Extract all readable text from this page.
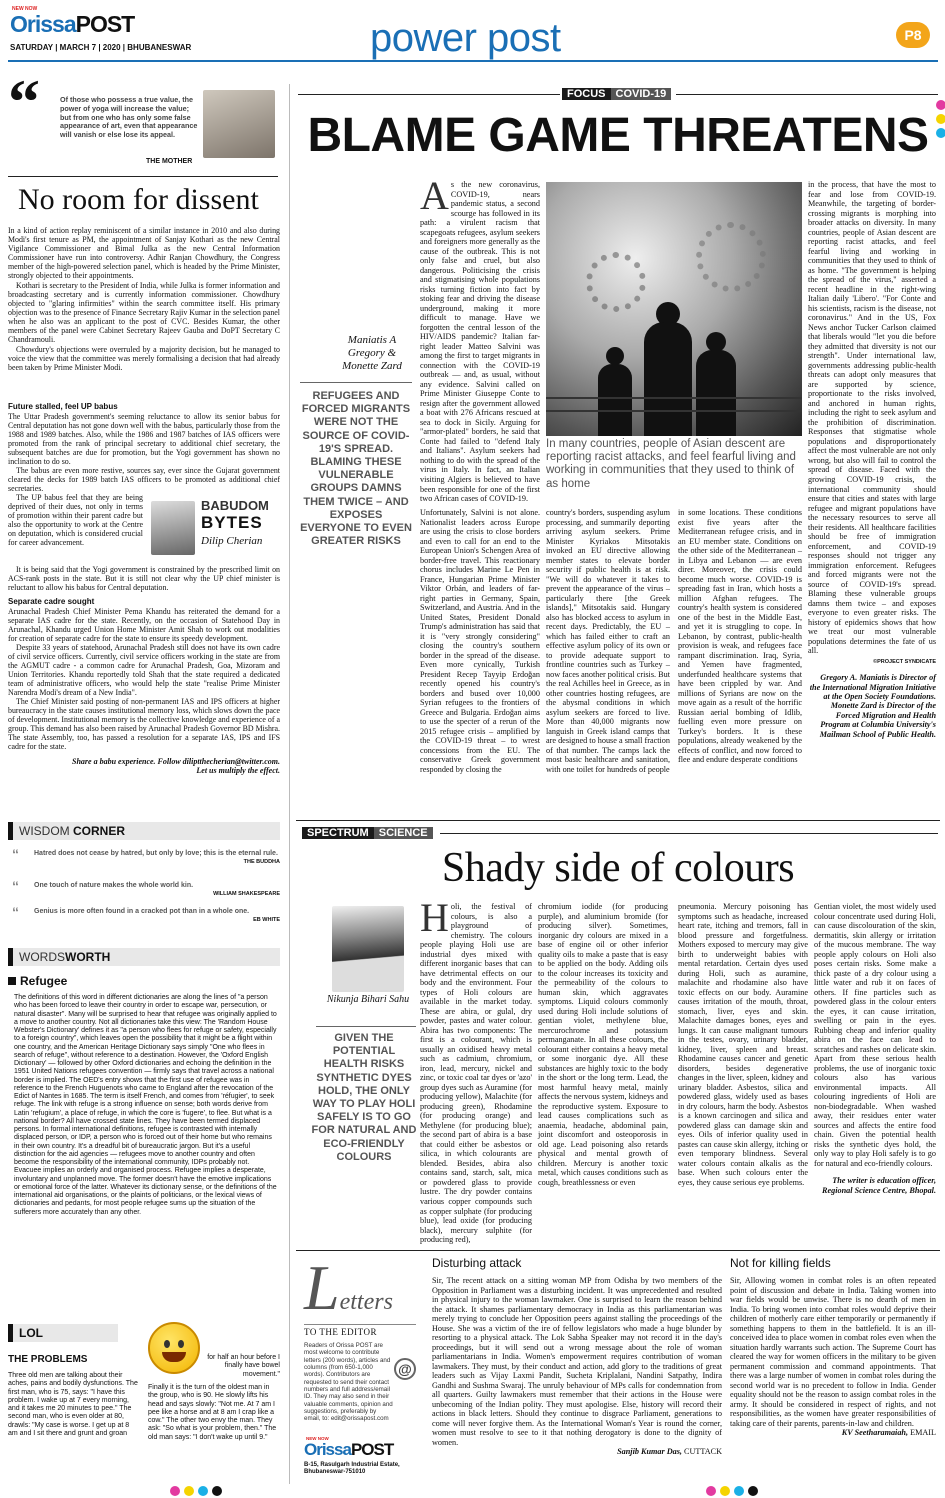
NEW NOW
OrissaPOST
SATURDAY | MARCH 7 | 2020 | BHUBANESWAR	power post	P8
“	Of those who possess a true value, the power of yoga will increase the value; but from one who has only some false appearance of art, even that appearance will vanish or else lose its appeal.
THE MOTHER
No room for dissent

In a kind of action replay reminiscent of a similar instance in 2010 and also during Modi's first tenure as PM, the appointment of Sanjay Kothari as the new Central Vigilance Commissioner and Bimal Julka as the new Central Information Commissioner have run into controversy. Adhir Ranjan Chowdhury, the Congress member of the high-powered selection panel, which is headed by the Prime Minister, strongly objected to their appointments.

Kothari is secretary to the President of India, while Julka is former information and broadcasting secretary and is currently information commissioner. Chowdhury objected to "glaring infirmities" within the search committee itself. His primary objection was to the presence of Finance Secretary Rajiv Kumar in the selection panel when he also was an applicant to the post of CVC. Besides Kumar, the other members of the panel were Cabinet Secretary Rajeev Gauba and DoPT Secretary C Chandramouli.

Chowdury's objections were overruled by a majority decision, but he managed to voice the view that the committee was merely formalising a decision that had already been taken by Prime Minister Modi.

Future stalled, feel UP babus

The Uttar Pradesh government's seeming reluctance to allow its senior babus for Central deputation has not gone down well with the babus, particularly those from the 1988 and 1989 batches. Also, while the 1986 and 1987 batches of IAS officers were promoted from the rank of principal secretary to additional chief secretary, the subsequent batches are due for promotion, but the Yogi government has shown no inclination to do so.

The babus are even more restive, sources say, ever since the Gujarat government cleared the decks for 1989 batch IAS officers to be promoted as additional chief secretaries.

The UP babus feel that they are being deprived of their dues, not only in terms of promotion within their parent cadre but also the opportunity to work at the Centre on deputation, which is considered crucial for career advancement.

BABUDOM
BYTES
Dilip Cherian

It is being said that the Yogi government is constrained by the prescribed limit on ACS-rank posts in the state. But it is still not clear why the UP chief minister is reluctant to allow his babus for Central deputation.

Separate cadre sought

Arunachal Pradesh Chief Minister Pema Khandu has reiterated the demand for a separate IAS cadre for the state. Recently, on the occasion of Statehood Day in Arunachal, Khandu urged Union Home Minister Amit Shah to work out modalities for creation of separate cadre for the state to ensure its speedy development.

Despite 33 years of statehood, Arunachal Pradesh still does not have its own cadre of civil service officers. Currently, civil service officers working in the state are from the AGMUT cadre - a common cadre for Arunachal Pradesh, Goa, Mizoram and Union Territories. Khandu reportedly told Shah that the state required a dedicated team of administrative officers, who would help the state "realise Prime Minister Narendra Modi's dream of a New India".

The Chief Minister said posting of non-permanent IAS and IPS officers at higher bureaucracy in the state causes institutional memory loss, which slows down the pace of development. Institutional memory is the collective knowledge and experience of a group. This demand has also been raised by Arunachal Pradesh Governor BD Mishra. The state Assembly, too, has passed a resolution for a separate IAS, IPS and IFS cadre for the state.

Share a babu experience. Follow diliptthecherian@twitter.com.
Let us multiply the effect.
WISDOM CORNER
“ Hatred does not cease by hatred, but only by love; this is the eternal rule.
THE BUDDHA
“ One touch of nature makes the whole world kin.
WILLIAM SHAKESPEARE
“ Genius is more often found in a cracked pot than in a whole one.
EB WHITE
WORDSWORTH
Refugee
The definitions of this word in different dictionaries are along the lines of "a person who has been forced to leave their country in order to escape war, persecution, or natural disaster". Many will be surprised to hear that refugee was originally applied to a move to another country. Not all dictionaries take this view: The 'Random House Webster's Dictionary' defines it as "a person who flees for refuge or safety, especially to a foreign country", which leaves open the possibility that it might be a flight within one country, and the American Heritage Dictionary says simply "One who flees in search of refuge", without reference to a destination. However, the 'Oxford English Dictionary' — followed by other Oxford dictionaries and echoing the definition in the 1951 United Nations refugees convention — firmly says that travel across a national border is implied. The OED's entry shows that the first use of refugee was in reference to the French Huguenots who came to England after the revocation of the Edict of Nantes in 1685. The term is itself French, and comes from 'réfugier', to seek refuge. The link with refuge is a strong influence on sense; both words derive from Latin 'refugium', a place of refuge, in which the core is 'fugere', to flee. But what is a national border? All have crossed state lines. They have been termed displaced persons. In formal international definitions, refugee is contrasted with internally displaced person, or IDP, a person who is forced out of their home but who remains in their own country. It's a dreadful bit of bureaucratic jargon. But it's a useful distinction for the aid agencies — refugees move to another country and often become the responsibility of the international community, IDPs probably not. Evacuee implies an orderly and organised process. Refugee implies a desperate, involuntary and unplanned move. The former doesn't have the emotive implications or emotional force of the latter. Whatever its dictionary sense, or the definitions of the international aid organisations, or the plaints of politicians, or the lexical views of dictionaries and pedants, for most people refugee sums up the situation of the sufferers more accurately than any other.
LOL
THE PROBLEMS
Three old men are talking about their aches, pains and bodily dysfunctions. The first man, who is 75, says: "I have this problem. I wake up at 7 every morning, and it takes me 20 minutes to pee." The second man, who is even older at 80, drawls: "My case is worse. I get up at 8 am and I sit there and grunt and groan
for half an hour before I finally have bowel movement."
Finally it is the turn of the oldest man in the group, who is 90. He slowly lifts his head and says slowly: "Not me. At 7 am I pee like a horse and at 8 am I crap like a cow." The other two envy the man. They ask: "So what is your problem, then." The old man says: "I don't wake up until 9."
FOCUS COVID-19
BLAME GAME THREATENS
Maniatis A Gregory & Monette Zard
REFUGEES AND FORCED MIGRANTS WERE NOT THE SOURCE OF COVID-19'S SPREAD. BLAMING THESE VULNERABLE GROUPS DAMNS THEM TWICE – AND EXPOSES EVERYONE TO EVEN GREATER RISKS
In many countries, people of Asian descent are reporting racist attacks, and feel fearful living and working in communities that they used to think of as home
A s the new coronavirus, COVID-19, nears pandemic status, a second scourge has followed in its path: a virulent racism that scapegoats refugees, asylum seekers and foreigners more generally as the cause of the outbreak. This is not only false and cruel, but also dangerous. Politicising the crisis and stigmatising whole populations risks turning fiction into fact by stoking fear and driving the disease underground, making it more difficult to manage. Have we forgotten the central lesson of the HIV/AIDS pandemic? Italian far-right leader Matteo Salvini was among the first to target migrants in connection with the COVID-19 outbreak — and, as usual, without any evidence. Salvini called on Prime Minister Giuseppe Conte to resign after the government allowed a boat with 276 Africans rescued at sea to dock in Sicily. Arguing for "armor-plated" borders, he said that Conte had failed to "defend Italy and Italians". Asylum seekers had nothing to do with the spread of the virus in Italy. In fact, an Italian visiting Algiers is believed to have been responsible for one of the first two African cases of COVID-19.

Unfortunately, Salvini is not alone. Nationalist leaders across Europe are using the crisis to close borders and even to call for an end to the European Union's Schengen Area of border-free travel. This reactionary chorus includes Marine Le Pen in France, Hungarian Prime Minister Viktor Orbán, and leaders of far-right parties in Germany, Spain, Switzerland, and Austria. And in the United States, President Donald Trump's administration has said that it is "very strongly considering" closing the country's southern border in the spread of the disease. Even more cynically, Turkish President Recep Tayyip Erdoğan recently opened his country's borders and bused over 10,000 Syrian refugees to the frontiers of Greece and Bulgaria. Erdoğan aims to use the specter of a rerun of the 2015 refugee crisis – amplified by the COVID-19 threat – to wrest concessions from the EU. The conservative Greek government responded by closing the

country's borders, suspending asylum processing, and summarily deporting arriving asylum seekers. Prime Minister Kyriakos Mitsotakis invoked an EU directive allowing member states to elevate border security if public health is at risk. "We will do whatever it takes to prevent the appearance of the virus – particularly there [the Greek islands]," Mitsotakis said. Hungary also has blocked access to asylum in recent days. Predictably, the EU – which has failed either to craft an effective asylum policy of its own or to provide adequate support to frontline countries such as Turkey – now faces another political crisis. But the real Achilles heel in Greece, as in other countries hosting refugees, are the abysmal conditions in which asylum seekers are forced to live. More than 40,000 migrants now languish in Greek island camps that are designed to house a small fraction of that number. The camps lack the most basic healthcare and sanitation, with one toilet for hundreds of people

in some locations. These conditions exist five years after the Mediterranean refugee crisis, and in an EU member state. Conditions on the other side of the Mediterranean – in Libya and Lebanon — are even direr. Moreover, the crisis could become much worse. COVID-19 is spreading fast in Iran, which hosts a million Afghan refugees. The country's health system is considered one of the best in the Middle East, and yet it is struggling to cope. In Lebanon, by contrast, public-health provision is weak, and refugees face rampant discrimination. Iraq, Syria, and Yemen have fragmented, underfunded healthcare systems that have been crippled by war. And millions of Syrians are now on the move again as a result of the horrific Russian aerial bombing of Idlib, fuelling even more pressure on Turkey's borders. It is these populations, already weakened by the effects of conflict, and now forced to flee and endure desperate conditions

in the process, that have the most to fear and lose from COVID-19. Meanwhile, the targeting of border-crossing migrants is morphing into broader attacks on diversity. In many countries, people of Asian descent are reporting racist attacks, and feel fearful living and working in communities that they used to think of as home. "The government is helping the spread of the virus," asserted a recent headline in the right-wing Italian daily 'Libero'. "For Conte and his scientists, racism is the disease, not coronavirus." And in the US, Fox News anchor Tucker Carlson claimed that liberals would "let you die before they admitted that diversity is not our strength". Under international law, governments addressing public-health threats can adopt only measures that are supported by science, proportionate to the risks involved, and anchored in human rights, including the right to seek asylum and the prohibition of discrimination. Responses that stigmatise whole populations and disproportionately affect the most vulnerable are not only wrong, but also will fail to control the spread of disease. Faced with the growing COVID-19 crisis, the international community should ensure that cities and states with large refugee and migrant populations have the necessary resources to serve all their residents. All healthcare facilities should be free of immigration enforcement, and COVID-19 responses should not trigger any immigration enforcement. Refugees and forced migrants were not the source of COVID-19's spread. Blaming these vulnerable groups damns them twice – and exposes everyone to even greater risks. The history of epidemics shows that how we treat our most vulnerable populations determines the fate of us all.

©PROJECT SYNDICATE
Gregory A. Maniatis is Director of the International Migration Initiative at the Open Society Foundations. Monette Zard is Director of the Forced Migration and Health Program at Columbia University's Mailman School of Public Health.
SPECTRUM SCIENCE
Shady side of colours
Nikunja Bihari Sahu
GIVEN THE POTENTIAL HEALTH RISKS SYNTHETIC DYES HOLD, THE ONLY WAY TO PLAY HOLI SAFELY IS TO GO FOR NATURAL AND ECO-FRIENDLY COLOURS
H oli, the festival of colours, is also a playground of chemistry. The colours people playing Holi use are industrial dyes mixed with different inorganic bases that can have detrimental effects on our body and the environment. Four types of Holi colours are available in the market today. These are abira, or gulal, dry powder, pastes and water colour. Abira has two components: The first is a colourant, which is usually an oxidised heavy metal such as cadmium, chromium, iron, lead, mercury, nickel and zinc, or toxic coal tar dyes or 'azo' group dyes such as Auramine (for producing yellow), Malachite (for producing green), Rhodamine (for producing orange) and Methylene (for producing blue); the second part of abira is a base that could either be asbestos or silica, in which colourants are blended. Besides, abira also contains sand, starch, salt, mica or powdered glass to provide lustre. The dry powder contains various copper compounds such as copper sulphate (for producing blue), lead oxide (for producing black), mercury sulphite (for producing red),

chromium iodide (for producing purple), and aluminium bromide (for producing silver). Sometimes, inorganic dry colours are mixed in a base of engine oil or other inferior quality oils to make a paste that is easy to be applied on the body. Adding oils to the colour increases its toxicity and the permeability of the colours to human skin, which aggravates symptoms. Liquid colours commonly used during Holi include solutions of gentian violet, methylene blue, mercurochrome and potassium permanganate. In all these colours, the colourant either contains a heavy metal or some inorganic dye. All these substances are highly toxic to the body in the short or the long term. Lead, the most harmful heavy metal, mainly affects the nervous system, kidneys and the reproductive system. Exposure to lead causes complications such as anaemia, headache, abdominal pain, joint discomfort and osteoporosis in old age. Lead poisoning also retards physical and mental growth of children. Mercury is another toxic metal, which causes conditions such as cough, breathlessness or even

pneumonia. Mercury poisoning has symptoms such as headache, increased heart rate, itching and tremors, fall in blood pressure and forgetfulness. Mothers exposed to mercury may give birth to underweight babies with mental retardation. Certain dyes used during Holi, such as auramine, malachite and rhodamine also have toxic effects on our body. Auramine causes irritation of the mouth, throat, stomach, liver, eyes and skin. Malachite damages bones, eyes and lungs. It can cause malignant tumours in the testes, ovary, urinary bladder, kidney, liver, spleen and breast. Rhodamine causes cancer and genetic disorders, besides degenerative changes in the liver, spleen, kidney and urinary bladder. Asbestos, silica and powdered glass, widely used as bases in dry colours, harm the body. Asbestos is a known carcinogen and silica and powdered glass can damage skin and eyes. Oils of inferior quality used in pastes can cause skin allergy, itching or even temporary blindness. Several water colours contain alkalis as the base. When such colours enter the eyes, they cause serious eye problems.

Gentian violet, the most widely used colour concentrate used during Holi, can cause discolouration of the skin, dermatitis, skin allergy or irritation of the mucous membrane. The way people apply colours on Holi also poses certain risks. Some make a thick paste of a dry colour using a little water and rub it on faces of others. If fine particles such as powdered glass in the colour enters the eyes, it can cause irritation, swelling or pain in the eyes. Rubbing cheap and inferior quality abira on the face can lead to scratches and rashes on delicate skin. Apart from these serious health problems, the use of inorganic toxic colours also has various environmental impacts. All colouring ingredients of Holi are non-biodegradable. When washed away, their residues enter water sources and affects the entire food chain. Given the potential health risks the synthetic dyes hold, the only way to play Holi safely is to go for natural and eco-friendly colours.

The writer is education officer, Regional Science Centre, Bhopal.
Letters
TO THE EDITOR
Readers of Orissa POST are most welcome to contribute letters (200 words), articles and columns (from 650-1,000 words). Contributors are requested to send their contact numbers and full address/email ID. They may also send in their valuable comments, opinion and suggestions, preferably by email, to: edit@orissapost.com
@
NEW NOW
OrissaPOST
B-15, Rasulgarh Industrial Estate, Bhubaneswar-751010
Disturbing attack

Sir, The recent attack on a sitting woman MP from Odisha by two members of the Opposition in Parliament was a disturbing incident. It was unprecedented and resulted in physical injury to the woman lawmaker. One is surprised to learn the reason behind the attack. It shames parliamentary democracy in India as this parliamentarian was merely trying to conclude her Opposition peers against stalling the proceedings of the House. She was a victim of the ire of fellow legislators who made a huge blunder by resorting to a physical attack. The Lok Sabha Speaker may not record it in the day's proceedings, but it will send out a wrong message about the role of woman parliamentarians in India. Women's empowerment requires contribution of woman lawmakers. They must, by their conduct and action, add glory to the traditions of great leaders such as Vijay Laxmi Pandit, Sucheta Kriplalani, Nandini Satpathy, Indira Gandhi and Sushma Swaraj. The unruly behaviour of MPs calls for condemnation from all quarters. Guilty lawmakers must remember that their actions in the House were unbecoming of the Indian polity. They must apologise. Else, history will record their actions in black letters. Should they continue to disgrace Parliament, generations to come will never forgive them. As the International Woman's Year is round the corner, women must resolve to see to it that nothing derogatory is done to the dignity of women.

Sanjib Kumar Das, CUTTACK
Not for killing fields

Sir, Allowing women in combat roles is an often repeated point of discussion and debate in India. Taking women into war fields would be unwise. There is no dearth of men in India. To bring women into combat roles would deprive their children of motherly care either temporarily or permanently if something happens to them in the battlefield. It is an ill-conceived idea to place women in combat roles even when the situation hardly warrants such action. The Supreme Court has cleared the way for women officers in the military to be given permanent commission and command appointments. That there was a large number of women in combat roles during the second world war is no precedent to follow in India. Gender equality should not be the reason to assign combat roles in the army. It should be considered in respect of rights, and not responsibilities, as the women have greater responsibilities of taking care of their parents, parents-in-law and children.

KV Seetharamaiah, EMAIL
